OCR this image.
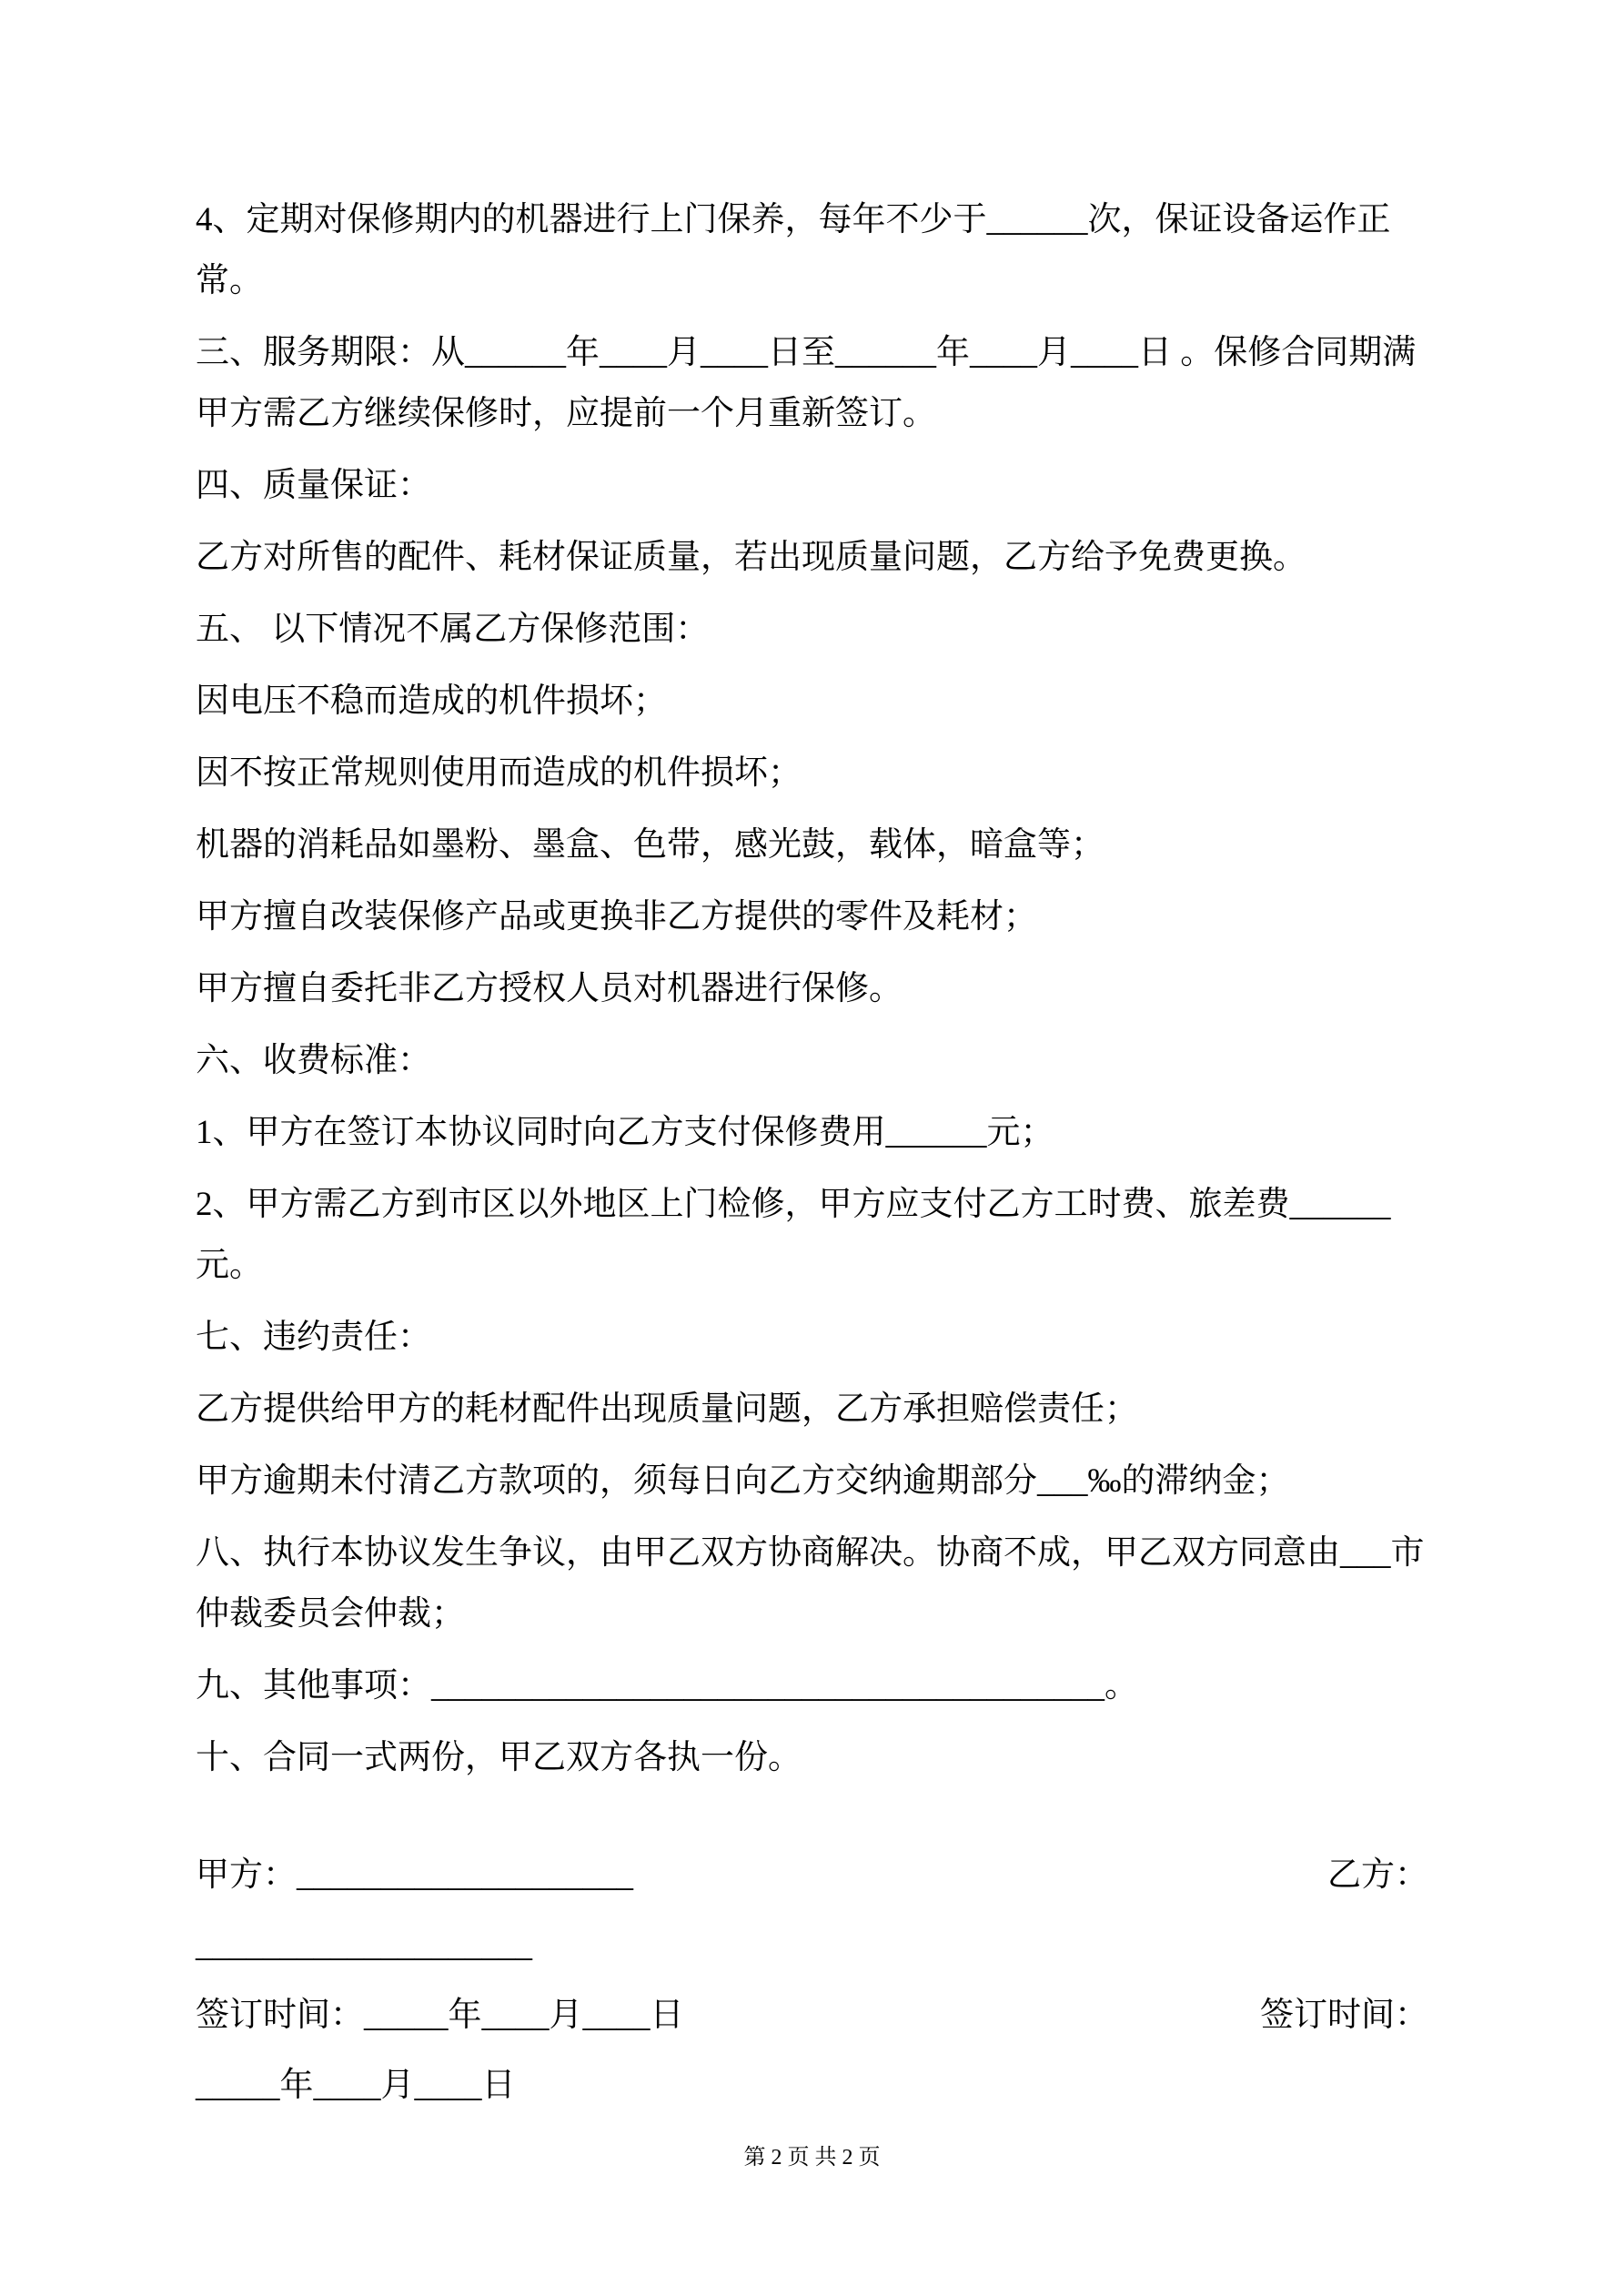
4、定期对保修期内的机器进行上门保养，每年不少于______次，保证设备运作正常。

三、服务期限：从______年____月____日至______年____月____日 。保修合同期满甲方需乙方继续保修时，应提前一个月重新签订。

四、质量保证：

乙方对所售的配件、耗材保证质量，若出现质量问题，乙方给予免费更换。

五、 以下情况不属乙方保修范围：

因电压不稳而造成的机件损坏；

因不按正常规则使用而造成的机件损坏；

机器的消耗品如墨粉、墨盒、色带，感光鼓，载体，暗盒等；

甲方擅自改装保修产品或更换非乙方提供的零件及耗材；

甲方擅自委托非乙方授权人员对机器进行保修。

六、收费标准：

1、甲方在签订本协议同时向乙方支付保修费用______元；

2、甲方需乙方到市区以外地区上门检修，甲方应支付乙方工时费、旅差费______元。

七、违约责任：

乙方提供给甲方的耗材配件出现质量问题，乙方承担赔偿责任；

甲方逾期未付清乙方款项的，须每日向乙方交纳逾期部分___‰的滞纳金；

八、执行本协议发生争议，由甲乙双方协商解决。协商不成，甲乙双方同意由___市仲裁委员会仲裁；

九、其他事项：________________________________________。

十、合同一式两份，甲乙双方各执一份。

甲方：____________________	乙方：
____________________
签订时间：_____年____月____日	签订时间：
_____年____月____日
第 2 页 共 2 页
